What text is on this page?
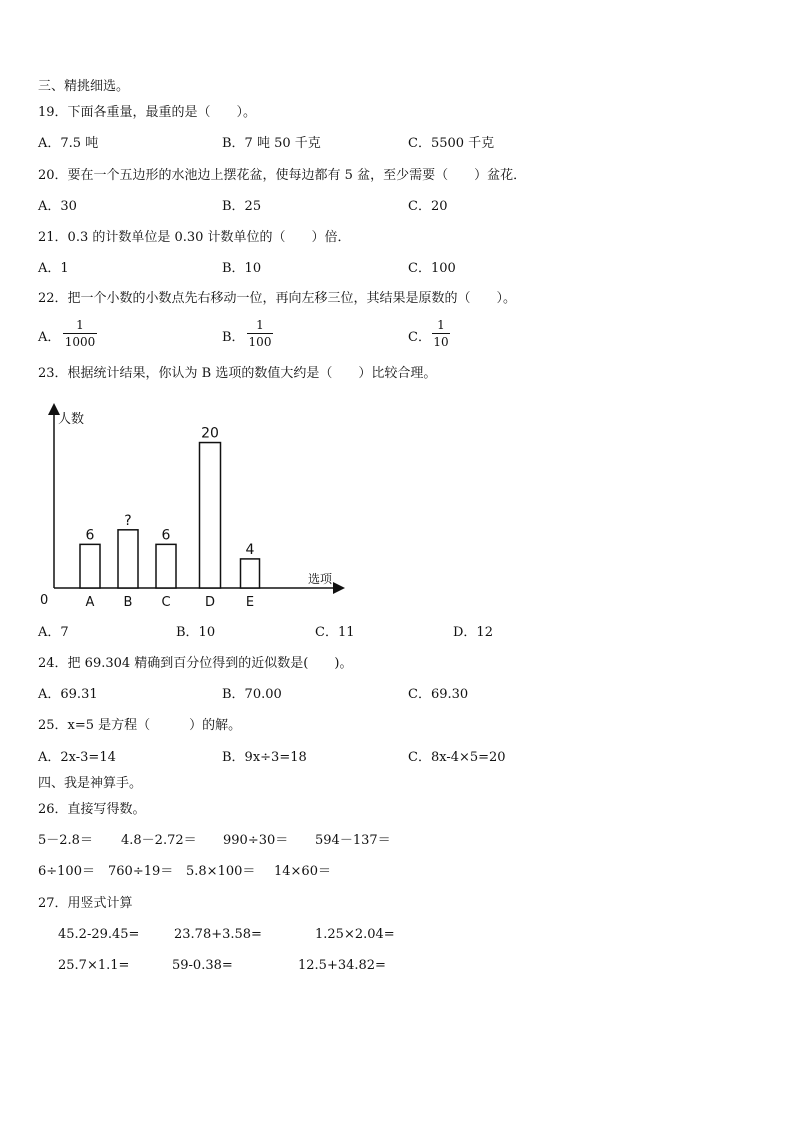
三、精挑细选。
19．下面各重量，最重的是（　　）。
A．7.5 吨	B．7 吨 50 千克	C．5500 千克
20．要在一个五边形的水池边上摆花盆，使每边都有 5 盆，至少需要（　　）盆花．
A．30	B．25	C．20
21．0.3 的计数单位是 0.30 计数单位的（　　）倍．
A．1	B．10	C．100
22．把一个小数的小数点先右移动一位，再向左移三位，其结果是原数的（　　）。
A．
1
1000	B．
1
100	C．
1
10
23．根据统计结果，你认为 B 选项的数值大约是（　　）比较合理。
人数
选项
0
6
A
?
B
6
C
20
D
4
E
A．7	B．10	C．11	D．12
24．把 69.304 精确到百分位得到的近似数是(　　)。
A．69.31	B．70.00	C．69.30
25．x=5 是方程（　　　）的解。
A．2x-3=14	B．9x÷3=18	C．8x-4×5=20
四、我是神算手。
26．直接写得数。
5－2.8＝ 4.8－2.72＝ 990÷30＝ 594－137＝
6÷100＝ 760÷19＝ 5.8×100＝ 14×60＝
27．用竖式计算
45.2-29.45=	23.78+3.58=	1.25×2.04=
25.7×1.1=	59-0.38=	12.5+34.82=
